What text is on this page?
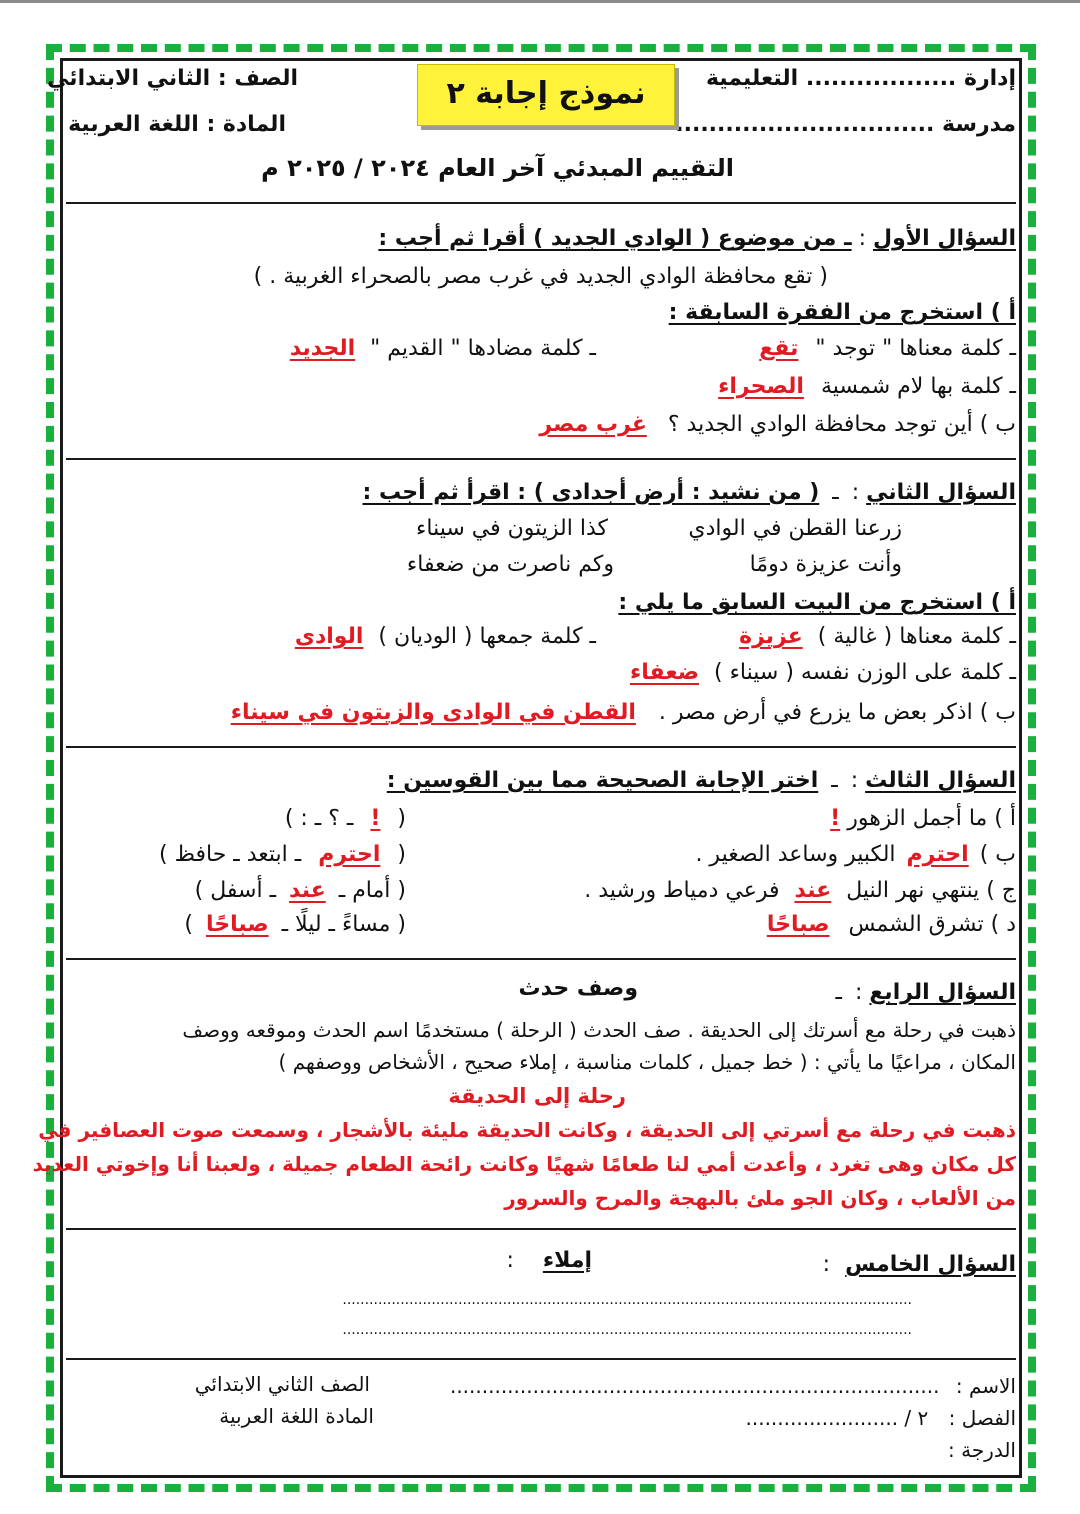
إدارة .................. التعليمية
مدرسة ...............................
نموذج إجابة ٢
الصف : الثاني الابتدائي
المادة : اللغة العربية
التقييم المبدئي آخر العام ٢٠٢٤ / ٢٠٢٥ م
السؤال الأول : ـ من موضوع ( الوادي الجديد ) أقرا ثم أجب :
( تقع محافظة الوادي الجديد في غرب مصر بالصحراء الغربية . )
أ ) استخرج من الفقرة السابقة :
ـ كلمة معناها " توجد " تقع
ـ كلمة مضادها " القديم " الجديد
ـ كلمة بها لام شمسية الصحراء
ب ) أين توجد محافظة الوادي الجديد ؟ غرب مصر
السؤال الثاني : ـ ( من نشيد : أرض أجدادى ) : اقرأ ثم أجب :
زرعنا القطن في الوادي
كذا الزيتون في سيناء
وأنت عزيزة دومًا
وكم ناصرت من ضعفاء
أ ) استخرج من البيت السابق ما يلي :
ـ كلمة معناها ( غالية ) عزيزة
ـ كلمة جمعها ( الوديان ) الوادى
ـ كلمة على الوزن نفسه ( سيناء ) ضعفاء
ب ) اذكر بعض ما يزرع في أرض مصر . القطن في الوادى والزيتون في سيناء
السؤال الثالث : ـ اختر الإجابة الصحيحة مما بين القوسين :
أ ) ما أجمل الزهور !
( ! ـ ؟ ـ : )
ب ) احترم الكبير وساعد الصغير .
( احترم ـ ابتعد ـ حافظ )
ج ) ينتهي نهر النيل عند فرعي دمياط ورشيد .
( أمام ـ عند ـ أسفل )
د ) تشرق الشمس صباحًا
( مساءً ـ ليلًا ـ صباحًا )
السؤال الرابع : ـ
وصف حدث
ذهبت في رحلة مع أسرتك إلى الحديقة . صف الحدث ( الرحلة ) مستخدمًا اسم الحدث وموقعه ووصف
المكان ، مراعيًا ما يأتي : ( خط جميل ، كلمات مناسبة ، إملاء صحيح ، الأشخاص ووصفهم )
رحلة إلى الحديقة
ذهبت في رحلة مع أسرتي إلى الحديقة ، وكانت الحديقة مليئة بالأشجار ، وسمعت صوت العصافير في
كل مكان وهى تغرد ، وأعدت أمي لنا طعامًا شهيًا وكانت رائحة الطعام جميلة ، ولعبنا أنا وإخوتي العديد
من الألعاب ، وكان الجو ملئ بالبهجة والمرح والسرور
السؤال الخامس :
إملاء :
................................................................................................................................
................................................................................................................................
الاسم : .............................................................................
الفصل : ٢ / ........................
الدرجة :
الصف الثاني الابتدائي
المادة اللغة العربية
